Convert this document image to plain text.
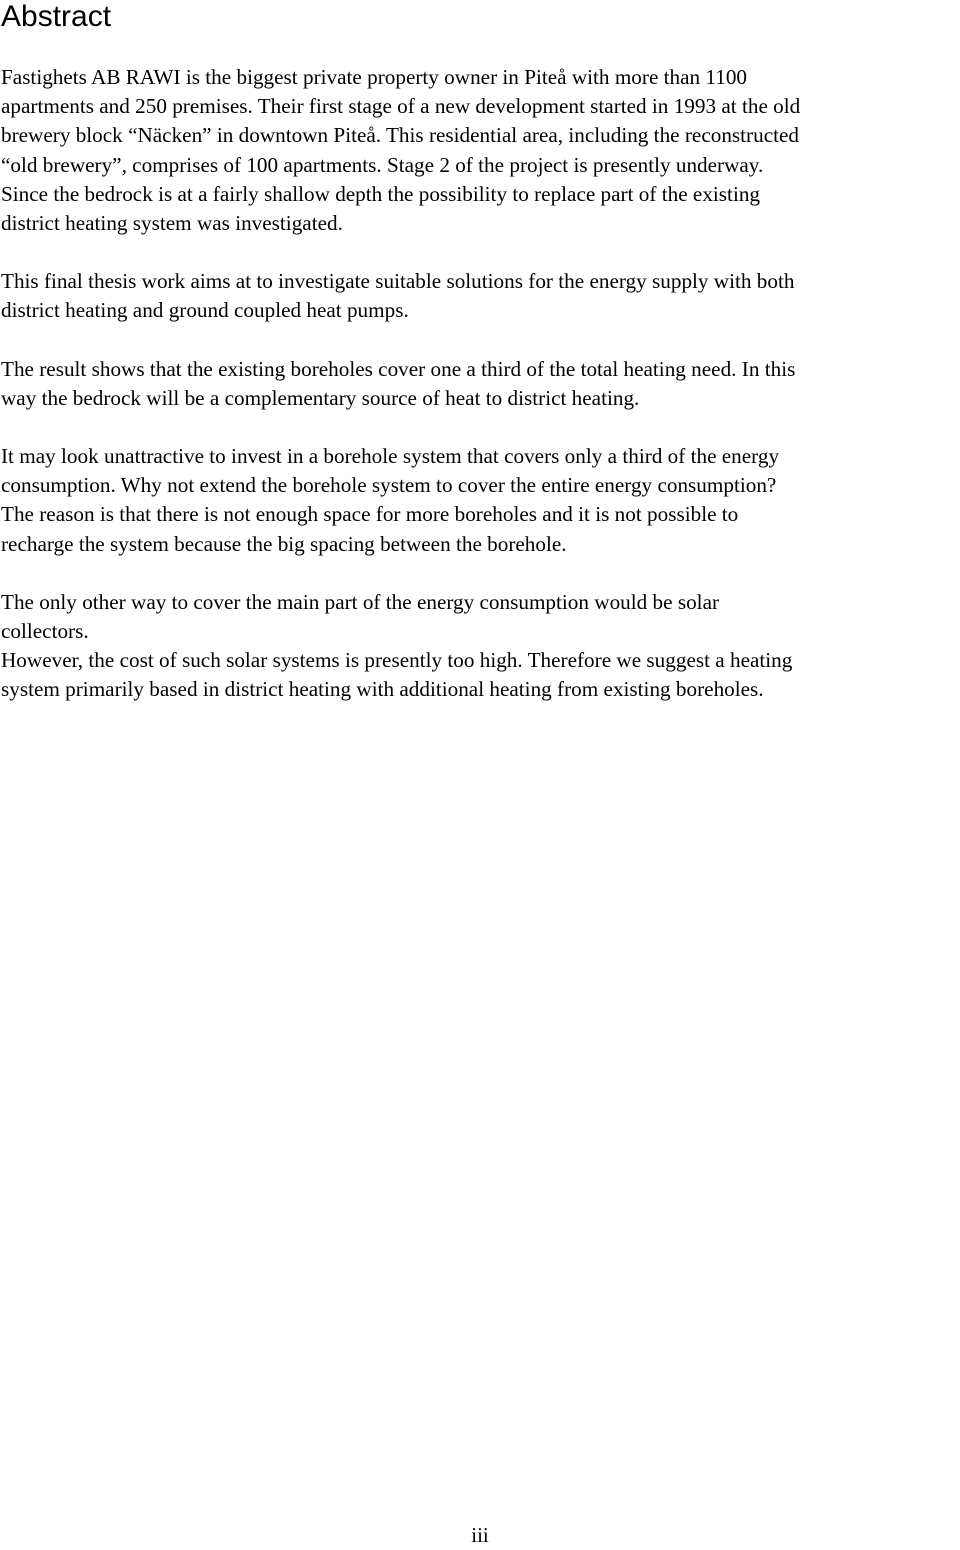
Abstract

Fastighets AB RAWI is the biggest private property owner in Piteå with more than 1100
apartments and 250 premises. Their first stage of a new development started in 1993 at the old
brewery block “Näcken” in downtown Piteå. This residential area, including the reconstructed
“old brewery”, comprises of 100 apartments. Stage 2 of the project is presently underway.
Since the bedrock is at a fairly shallow depth the possibility to replace part of the existing
district heating system was investigated.

This final thesis work aims at to investigate suitable solutions for the energy supply with both
district heating and ground coupled heat pumps.

The result shows that the existing boreholes cover one a third of the total heating need. In this
way the bedrock will be a complementary source of heat to district heating.

It may look unattractive to invest in a borehole system that covers only a third of the energy
consumption. Why not extend the borehole system to cover the entire energy consumption?
The reason is that there is not enough space for more boreholes and it is not possible to
recharge the system because the big spacing between the borehole.

The only other way to cover the main part of the energy consumption would be solar
collectors.

However, the cost of such solar systems is presently too high. Therefore we suggest a heating
system primarily based in district heating with additional heating from existing boreholes.

iii
